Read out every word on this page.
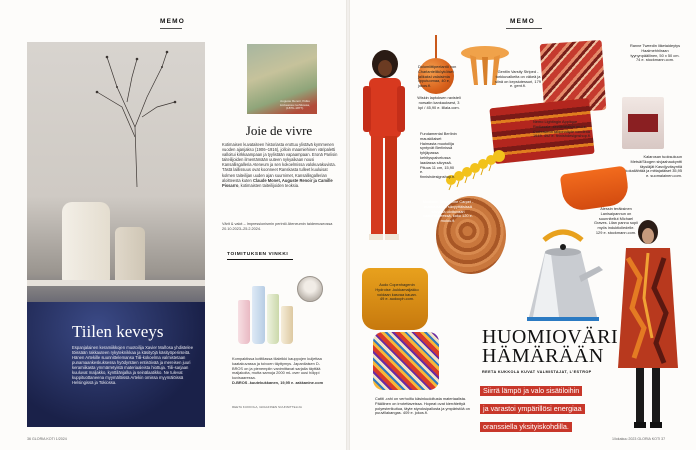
MEMO
Tiilen keveys
Espanjalainen keramiikkojen muotoilija Xavier Mañosa yhdistelee töissään rakkauteen rykyteknikkaa ja käsityöjä käsityöperinteitä. Hänen Artekille suunnittelemansa Tiili-kokoelma valmistetaan punamaankeskuksessa hyödyntäen entisöivää ja mereisen juuri keramiikasta ymmärretyistä materiaaleista hiottuja. Tiili-sarjaan kuuluvat maljakko, kynttilänjalka ja seinälaatikko. Ne tulevat kuppituottaneena myymälöissä Artekin omissa myymälöissä Helsingissä ja Tokiossa.
Auguste Renoir, Polku korkeassa ruohikossa, (1876–1877).
Joie de vivre
Kotimaisen kuvataiteen historiasta erottuu ylistävä kymmenen vuoden ajanjakso (1906–1916), jolloin maamiehinen väripaletti valloitui kirkkaampaan ja tyylistään vapaampaan. Eronä Pariisin taiteilijoiden ilmentämään uuteen nykyaikaan nousi Kansallisgalleria Ateneum ja sen kokoelmissa valokuvakuvista. Tästä laillissuus ovat koonneet Ranskasta tulleet kuuluisat kolmen taiteilijan uuden ajan suurnimet, Kansallisgallerian aloitteesta kuten Claude Monet, Auguste Renoir ja Camille Pissarro, kotimaisten taiteilijoiden teoksia.
Värit & valot – Impressionismin perintö Ateneumin taidemuseossa 20.10.2023–25.2.2024.
TOIMITUKSEN VINKKI
Kompaktissa kotitilassa tilaleikki kauppojen kuljettaa kaatakuvassa ja toivoen täyttymys. Japanilaisen D-BROS on ja pienempiin vanimittavat sarjalla täyttää maljakoita, mutta samoja 2000 mL over uusi hölppi kuvisaaressa.
D-BROS -kuutekukkanen, 19,95 e. zakkanine.com
REETA KUKKOLA, GRAAFINEN SUUNNITTELIJA
36 GLORIA KOTI 1/2024
MEMO
Dolomiittipeelantö von Charlanteliiköyköiset jalikaksi valaisimia lipputuomaa, 40 e, jokos.fi.
Gentlin Varsity Striped -torkkuvalkeita on väkeä ja siinä on kepsiutessuri, 179 e. gent.fi.
Ranne Tweedin liiketaideytys Haalmehhiiraan tyynynpäällinen, 50 x 50 cm. 74 e. stockmann.com.
Wiskin laptoksen ravisteli norsatin kankauksest, 3 kpl / 45,90 e. lillala.com.
Kalarosan tuoksukuun Metsä/Skogen sivjaahaukyntti täysiäjät Kasvijyväsyntiä kokaliähtää ja mittajatäiset 35,95 e. suomalainen.com.
Nemo Lightingin Applique Radiasale -seinävalaisin on Le Corbusierin taidonnäyte vuodelta 1949. 492 e. finnishdesignshop.fi.
Fundamental Berlinin mauskilaiset Haimasta muotoilija syntyvät Berlinissä tyhjäpassa kehityspalvelussa laadassa sävyssä. Pituus 11 cm, 15,90 e. finnishdesignshop.fi.
Moolonin Serpentine Carpet -mattosisällen sävyyttäisissä sävyistä ulottuvaan vaatteliikkeessä, koko 120 e. molou.fi.
Alessin teräksinen Lanisaipannun on suunnitellut Michael Graves. Lilan pannu sopii myös induktioliedelle. 129 e. stockmann.com.
Audo Copenhagenin Hydroise -kukkamaljakko voidaan kasvaa kauan. 49 e. audocph.com.
Catiti -rahi on verhoiltu käsinkudoltusta materiaalista. Pääliinen on irrotettaveissa. Hopeat ovat kierrätettyä polyesterikuitua, täyte styroksipallosta ja ympäristöä on puuvillakangas. 409 e. jokos.fi.
HUOMIOVÄRI HÄMÄRÄÄN
REETA KUKKOLA KUVAT VALMISTAJAT, L'ESTROP
Siirrä lämpö ja valo sisätiloihin
ja varastoi ympärillösi energiaa
oranssiella yksityiskohdilla.
1/lokakuu 2023 GLORIA KOTI 37
